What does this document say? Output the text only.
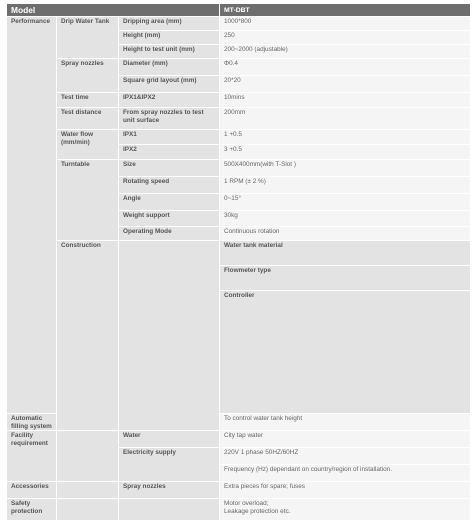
Model			MT-DBT	
Performance	Drip Water Tank	Dripping area (mm)	1000*800	
		Height (mm)	250	
		Height to test unit (mm)	200~2000 (adjustable)	
	Spray nozzles	Diameter (mm)	Φ0.4	
		Square grid layout (mm)	20*20	
	Test time	IPX1&IPX2	10mins	
	Test distance	From spray nozzles to test unit surface	200mm	
	Water flow (mm/min)	IPX1	1 +0.5	
		IPX2	3 +0.5	
	Turntable	Size	500X400mm(with T-Slot )	
		Rotating speed	1 RPM (± 2 %)	
		Angle	0~15°	
		Weight support	30kg	
		Operating Mode	Continuous rotation	
	Construction		Water tank material	
			Flowmeter type	
			Controller	
Automatic filling system			To control water tank height	
Facility requirement		Water	City tap water	
		Electricity supply	220V 1 phase 50HZ/60HZ	
			Frequency (Hz) dependant on country/region of installation.	
Accessories		Spray nozzles	Extra pieces for spare; fuses	
Safety protection			Motor overload;
Leakage protection etc.	
